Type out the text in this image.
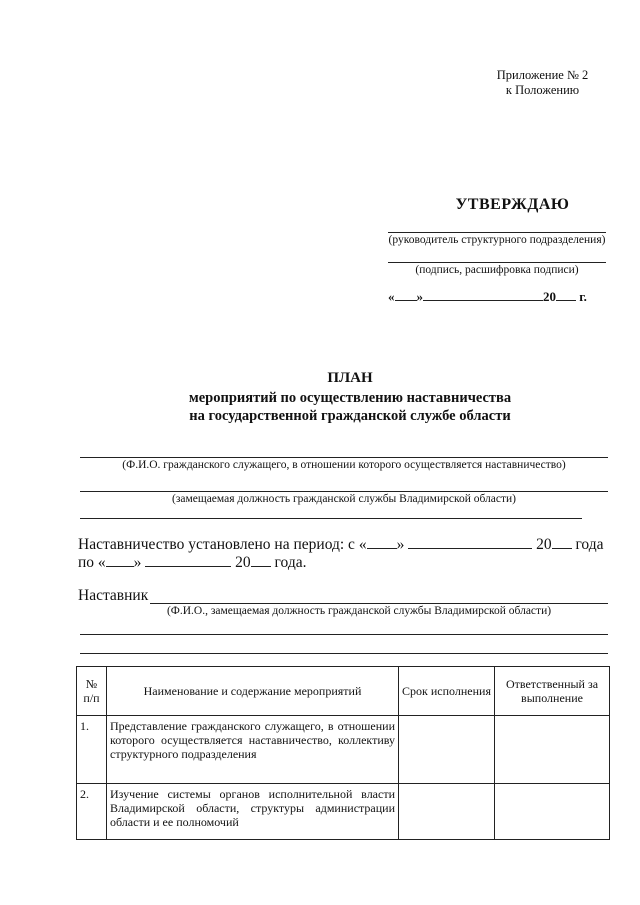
Приложение № 2
к Положению
УТВЕРЖДАЮ
(руководитель структурного подразделения)
(подпись, расшифровка подписи)
« »	20 г.
ПЛАН
мероприятий по осуществлению наставничества
на государственной гражданской службе области
(Ф.И.О. гражданского служащего, в отношении которого осуществляется наставничество)
(замещаемая должность гражданской службы Владимирской области)
Наставничество установлено на период: с « »	20 года
по « »	20 года.
Наставник
(Ф.И.О., замещаемая должность гражданской службы Владимирской области)
№ п/п	Наименование и содержание мероприятий	Срок исполнения	Ответственный за выполнение
1.	Представление гражданского служащего, в отношении которого осуществляется наставничество, коллективу структурного подразделения		
2.	Изучение системы органов исполнительной власти Владимирской области, структуры администрации области и ее полномочий		
